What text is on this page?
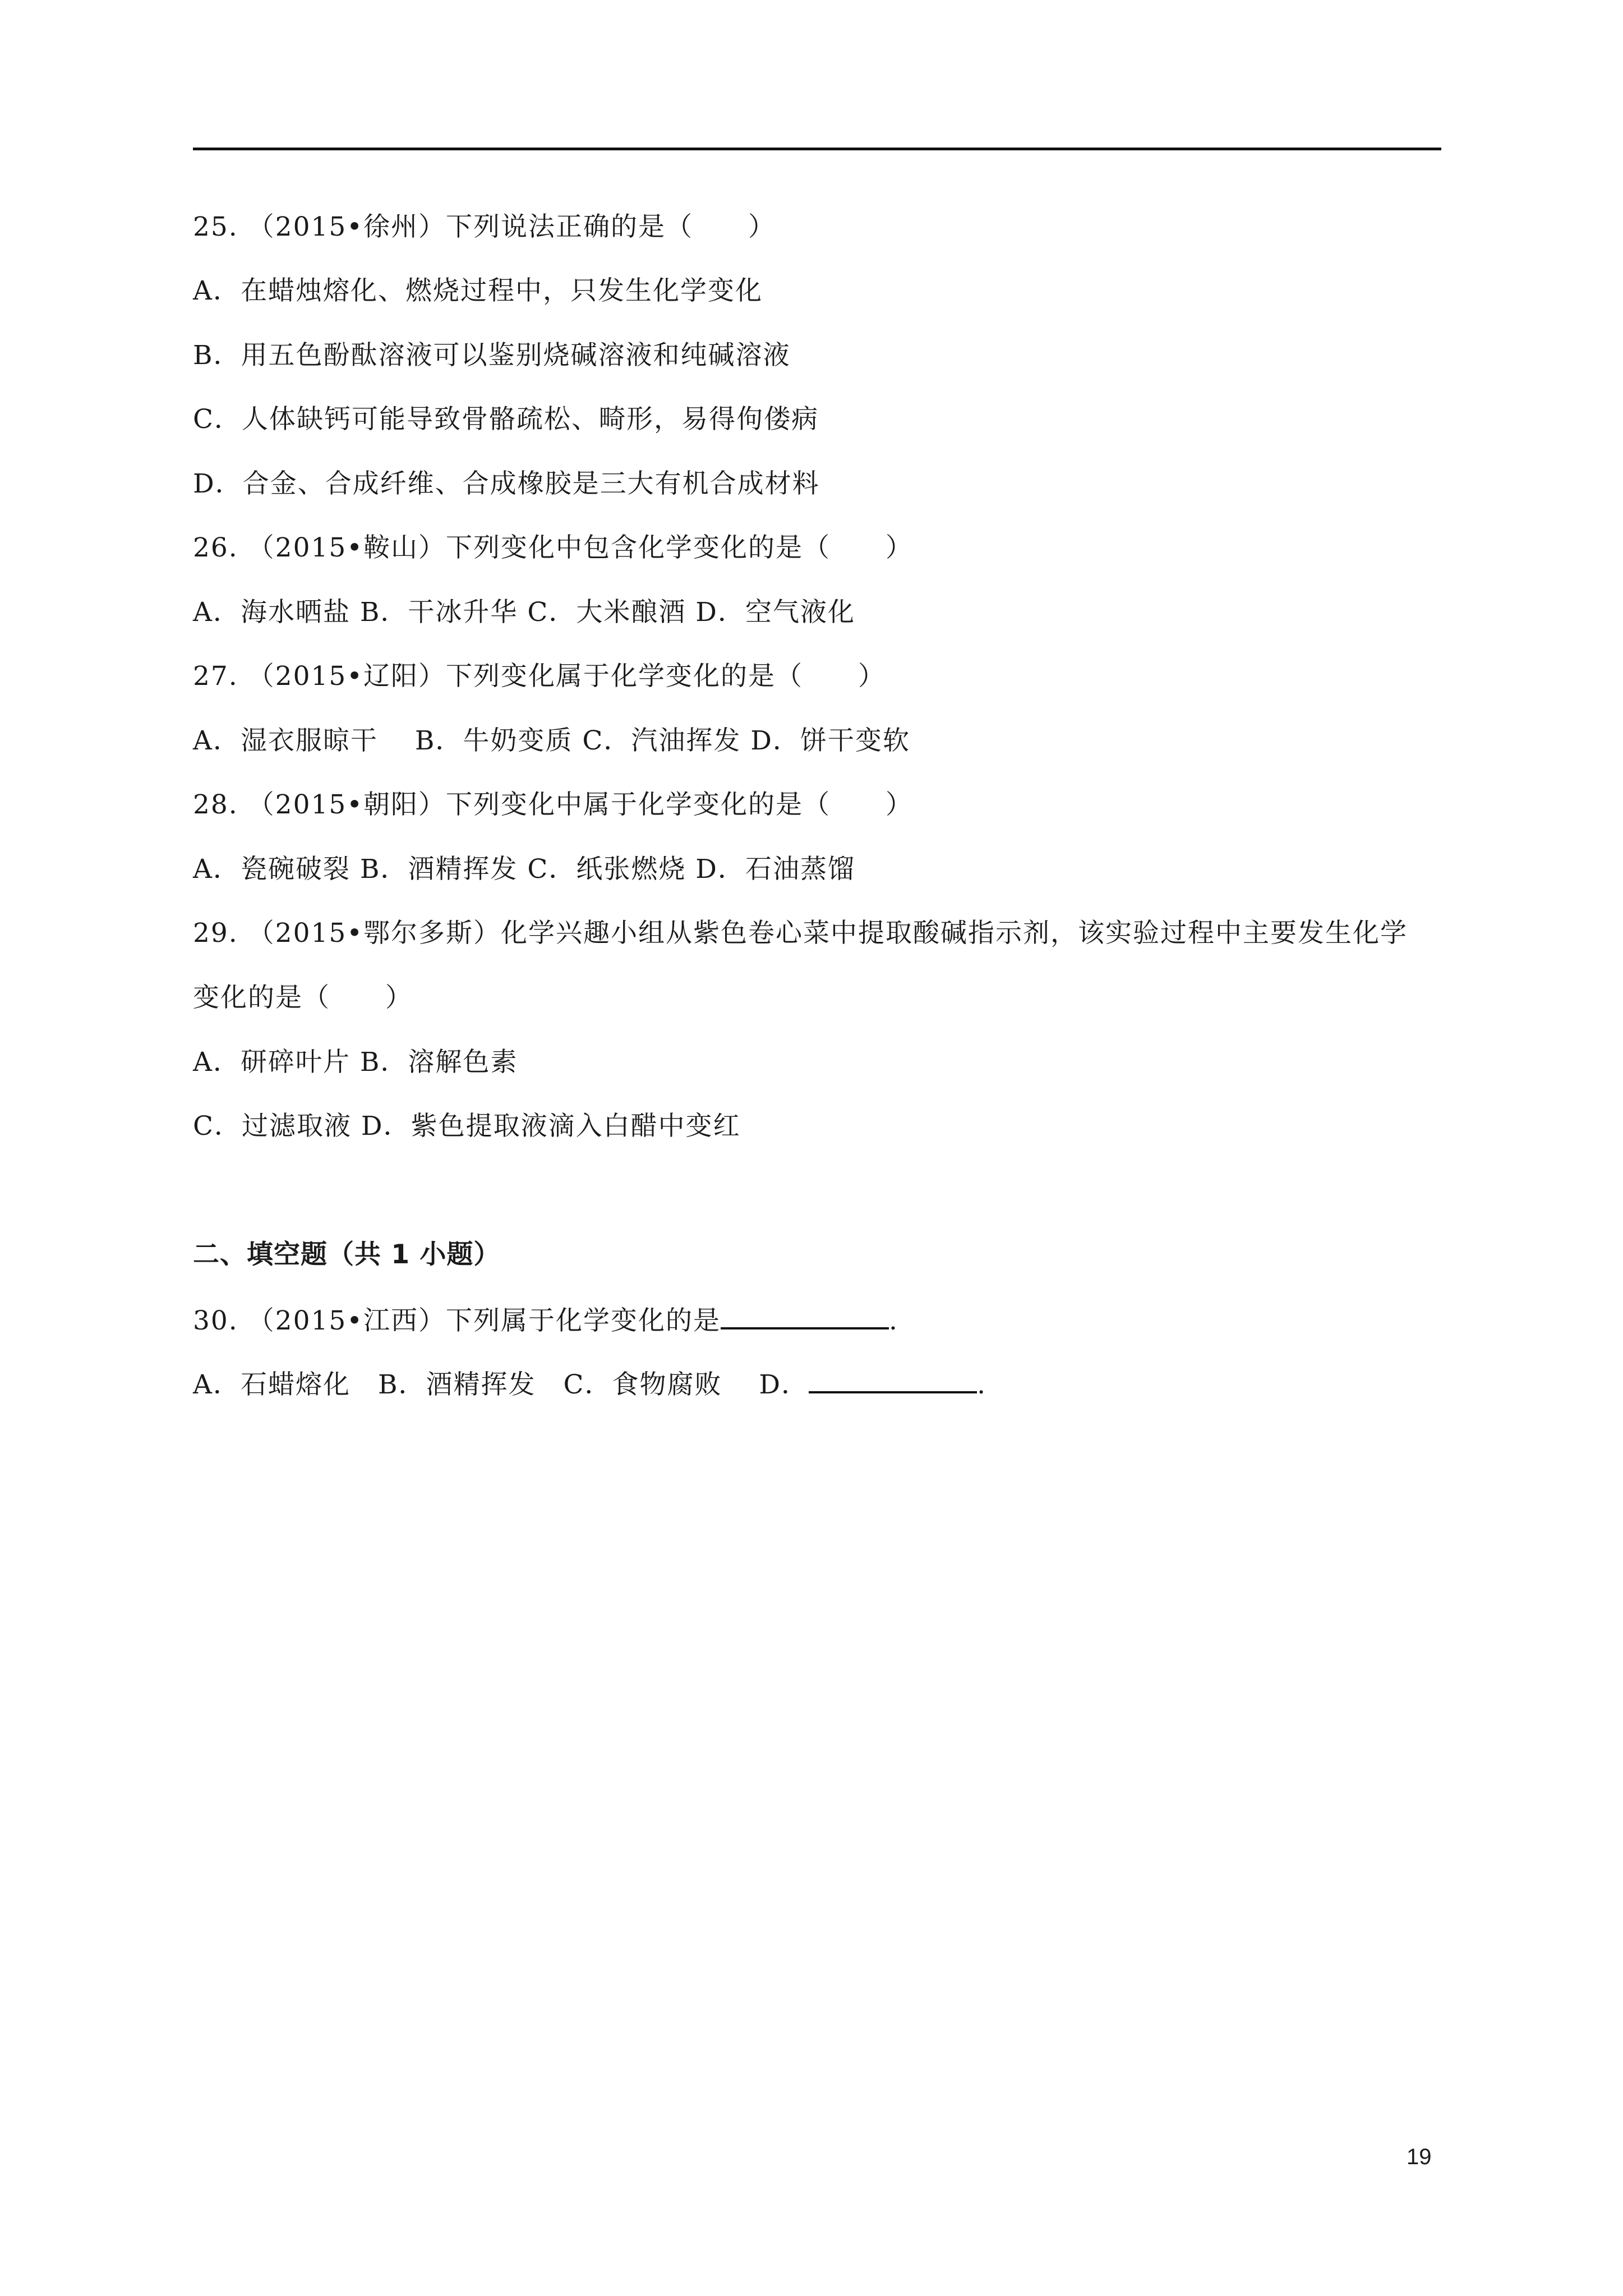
25. （2015•徐州）下列说法正确的是（　　）
A．在蜡烛熔化、燃烧过程中，只发生化学变化
B．用五色酚酞溶液可以鉴别烧碱溶液和纯碱溶液
C．人体缺钙可能导致骨骼疏松、畸形，易得佝偻病
D．合金、合成纤维、合成橡胶是三大有机合成材料
26. （2015•鞍山）下列变化中包含化学变化的是（　　）
A．海水晒盐 B．干冰升华 C．大米酿酒 D．空气液化
27. （2015•辽阳）下列变化属于化学变化的是（　　）
A．湿衣服晾干　 B．牛奶变质 C．汽油挥发 D．饼干变软
28. （2015•朝阳）下列变化中属于化学变化的是（　　）
A．瓷碗破裂 B．酒精挥发 C．纸张燃烧 D．石油蒸馏
29. （2015•鄂尔多斯）化学兴趣小组从紫色卷心菜中提取酸碱指示剂，该实验过程中主要发生化学
变化的是（　　）
A．研碎叶片 B．溶解色素
C．过滤取液 D．紫色提取液滴入白醋中变红
二、填空题（共 1 小题）
30. （2015•江西）下列属于化学变化的是	.
A．石蜡熔化　B．酒精挥发　C．食物腐败　 D．	.
19
